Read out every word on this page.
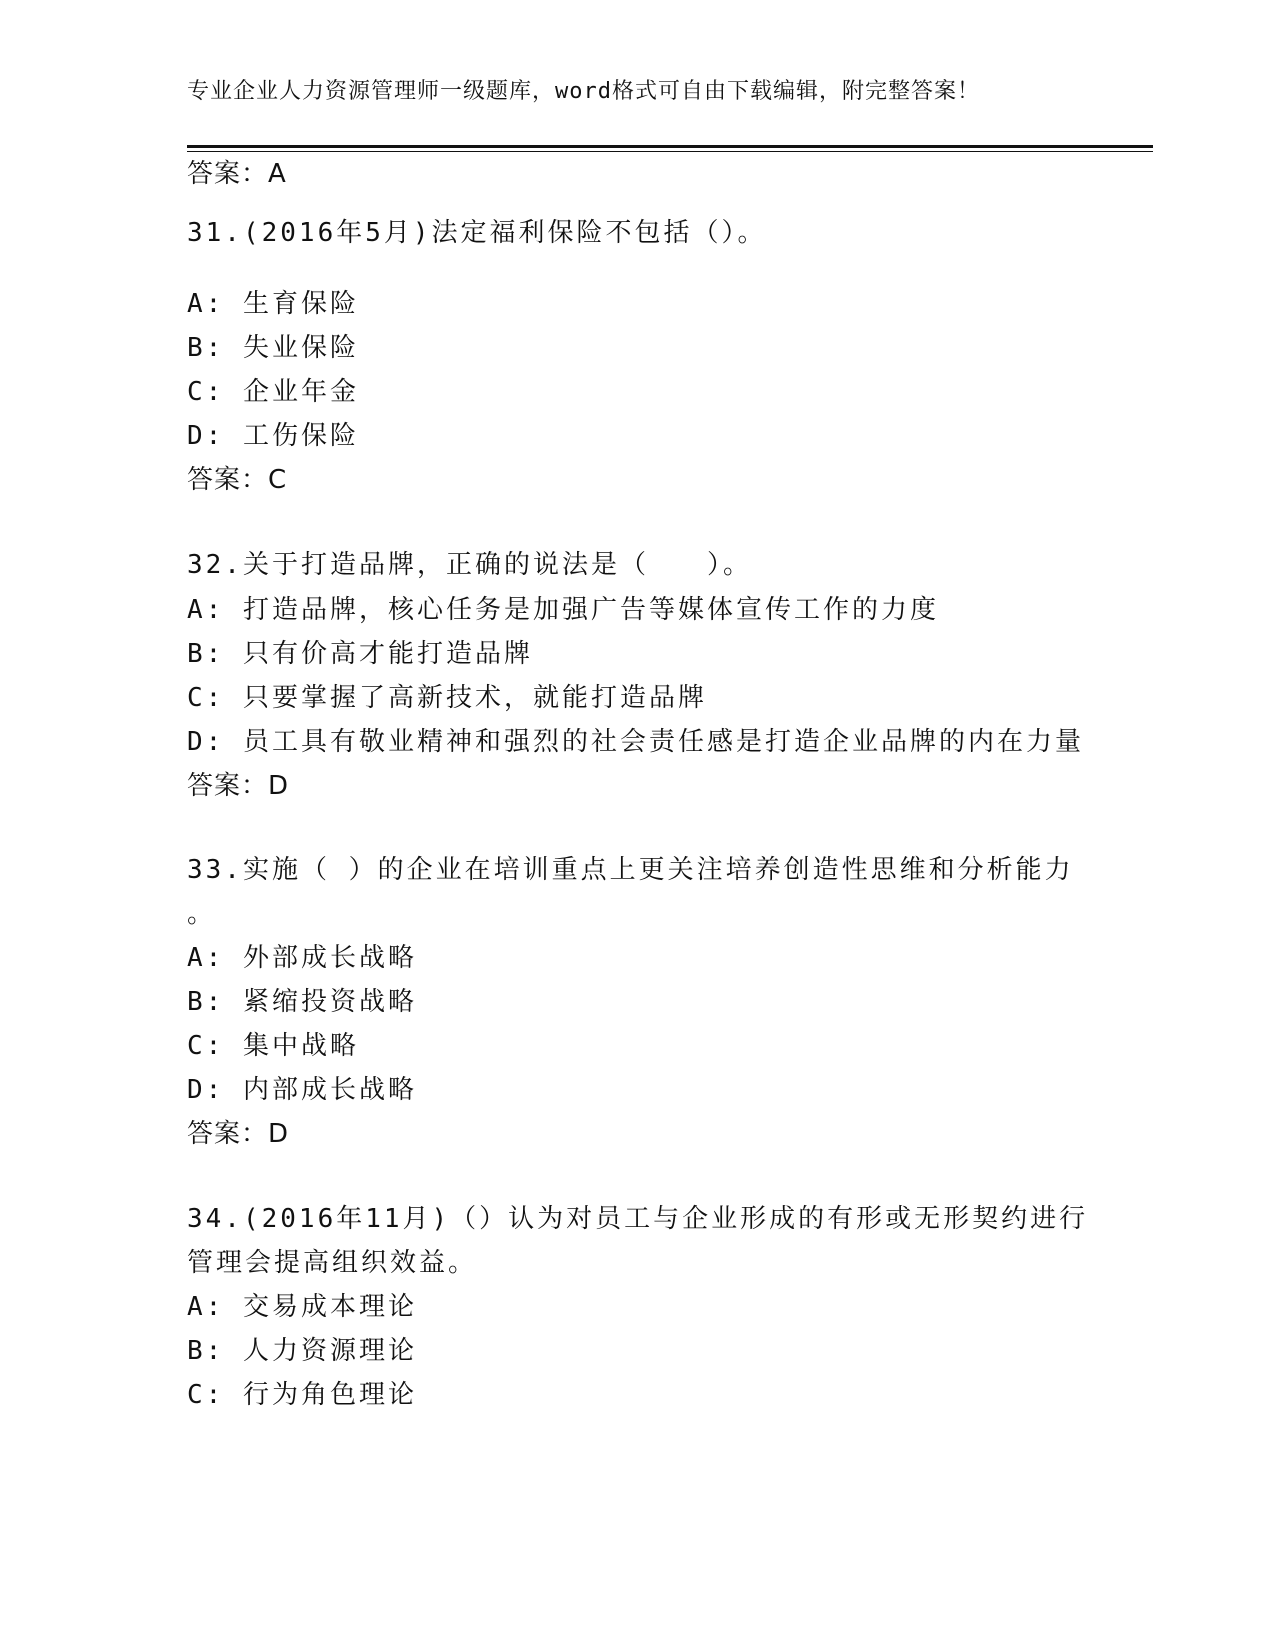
专业企业人力资源管理师一级题库，word格式可自由下载编辑，附完整答案！
答案：A
31.(2016年5月)法定福利保险不包括（）。
A: 生育保险
B: 失业保险
C: 企业年金
D: 工伤保险
答案：C
32.关于打造品牌，正确的说法是（　　）。
A: 打造品牌，核心任务是加强广告等媒体宣传工作的力度
B: 只有价高才能打造品牌
C: 只要掌握了高新技术，就能打造品牌
D: 员工具有敬业精神和强烈的社会责任感是打造企业品牌的内在力量
答案：D
33.实施（ ）的企业在培训重点上更关注培养创造性思维和分析能力
。
A: 外部成长战略
B: 紧缩投资战略
C: 集中战略
D: 内部成长战略
答案：D
34.(2016年11月)（）认为对员工与企业形成的有形或无形契约进行
管理会提高组织效益。
A: 交易成本理论
B: 人力资源理论
C: 行为角色理论
